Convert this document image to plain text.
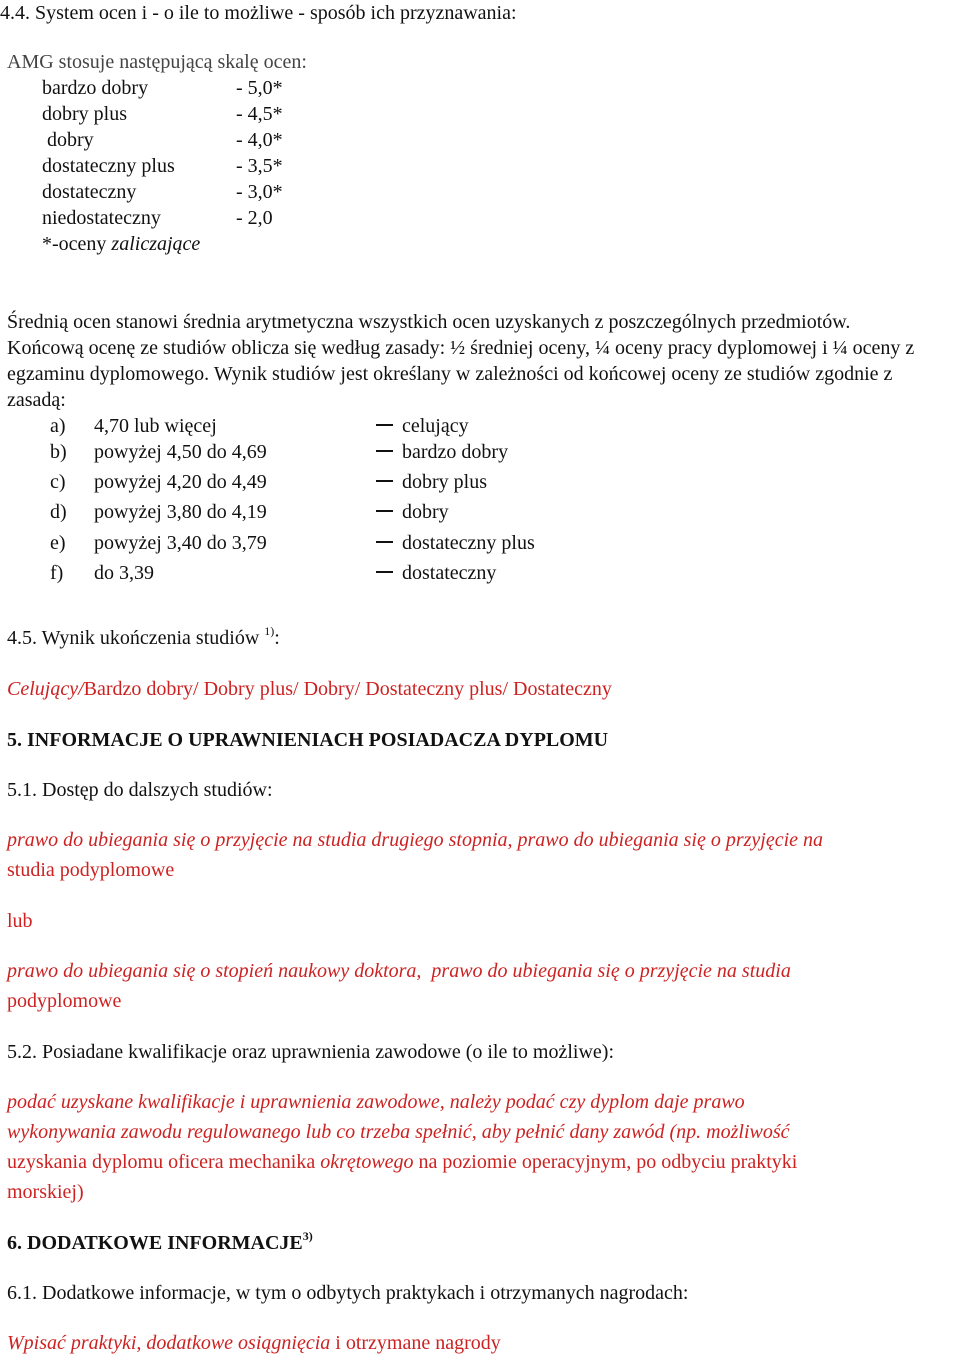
4.4. System ocen i - o ile to możliwe - sposób ich przyznawania:
AMG stosuje następującą skalę ocen:
bardzo dobry	- 5,0*
dobry plus	- 4,5*
dobry	- 4,0*
dostateczny plus	- 3,5*
dostateczny	- 3,0*
niedostateczny	- 2,0
*-oceny zaliczające
Średnią ocen stanowi średnia arytmetyczna wszystkich ocen uzyskanych z poszczególnych przedmiotów.
Końcową ocenę ze studiów oblicza się według zasady: ½ średniej oceny, ¼ oceny pracy dyplomowej i ¼ oceny z egzaminu dyplomowego. Wynik studiów jest określany w zależności od końcowej oceny ze studiów zgodnie z zasadą:
a) 4,70 lub więcej	celujący
b) powyżej 4,50 do 4,69	bardzo dobry
c) powyżej 4,20 do 4,49	dobry plus
d) powyżej 3,80 do 4,19	dobry
e) powyżej 3,40 do 3,79	dostateczny plus
f) do 3,39	dostateczny
4.5. Wynik ukończenia studiów $^{1)}$:
Celujący/Bardzo dobry/ Dobry plus/ Dobry/ Dostateczny plus/ Dostateczny
5. INFORMACJE O UPRAWNIENIACH POSIADACZA DYPLOMU
5.1. Dostęp do dalszych studiów:
prawo do ubiegania się o przyjęcie na studia drugiego stopnia, prawo do ubiegania się o przyjęcie na
studia podyplomowe
lub
prawo do ubiegania się o stopień naukowy doktora,  prawo do ubiegania się o przyjęcie na studia
podyplomowe
5.2. Posiadane kwalifikacje oraz uprawnienia zawodowe (o ile to możliwe):
podać uzyskane kwalifikacje i uprawnienia zawodowe, należy podać czy dyplom daje prawo
wykonywania zawodu regulowanego lub co trzeba spełnić, aby pełnić dany zawód (np. możliwość
uzyskania dyplomu oficera mechanika okrętowego na poziomie operacyjnym, po odbyciu praktyki
morskiej)
6. DODATKOWE INFORMACJE$^{3)}$
6.1. Dodatkowe informacje, w tym o odbytych praktykach i otrzymanych nagrodach:
Wpisać praktyki, dodatkowe osiągnięcia i otrzymane nagrody
